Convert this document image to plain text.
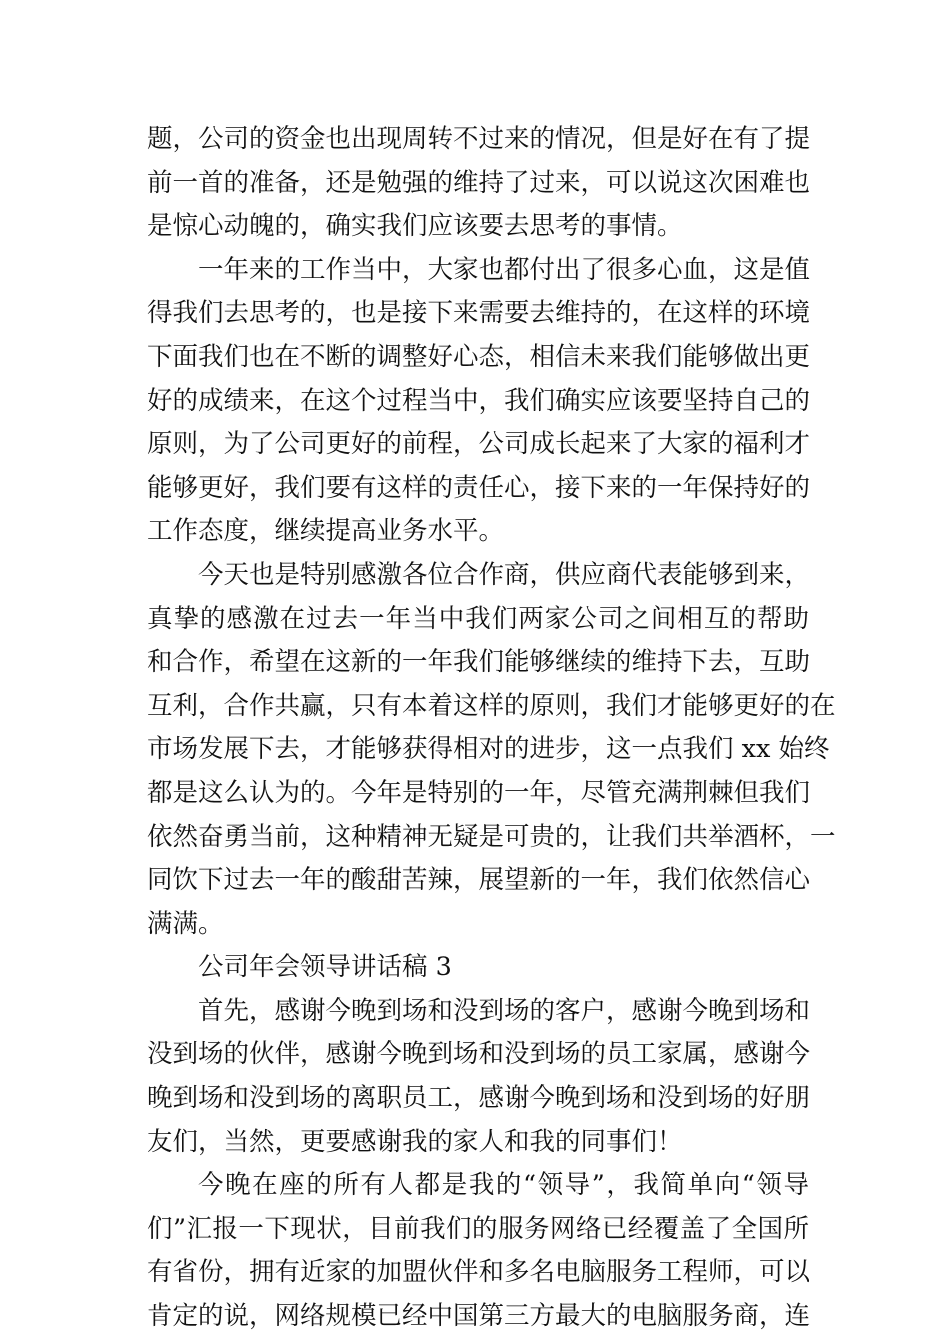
题，公司的资金也出现周转不过来的情况，但是好在有了提
前一首的准备，还是勉强的维持了过来，可以说这次困难也
是惊心动魄的，确实我们应该要去思考的事情。
一年来的工作当中，大家也都付出了很多心血，这是值
得我们去思考的，也是接下来需要去维持的，在这样的环境
下面我们也在不断的调整好心态，相信未来我们能够做出更
好的成绩来，在这个过程当中，我们确实应该要坚持自己的
原则，为了公司更好的前程，公司成长起来了大家的福利才
能够更好，我们要有这样的责任心，接下来的一年保持好的
工作态度，继续提高业务水平。
今天也是特别感激各位合作商，供应商代表能够到来，
真挚的感激在过去一年当中我们两家公司之间相互的帮助
和合作，希望在这新的一年我们能够继续的维持下去，互助
互利，合作共赢，只有本着这样的原则，我们才能够更好的在
市场发展下去，才能够获得相对的进步，这一点我们 xx 始终
都是这么认为的。今年是特别的一年，尽管充满荆棘但我们
依然奋勇当前，这种精神无疑是可贵的，让我们共举酒杯，一
同饮下过去一年的酸甜苦辣，展望新的一年，我们依然信心
满满。
公司年会领导讲话稿 3
首先，感谢今晚到场和没到场的客户，感谢今晚到场和
没到场的伙伴，感谢今晚到场和没到场的员工家属，感谢今
晚到场和没到场的离职员工，感谢今晚到场和没到场的好朋
友们，当然，更要感谢我的家人和我的同事们！
今晚在座的所有人都是我的“领导”，我简单向“领导
们”汇报一下现状，目前我们的服务网络已经覆盖了全国所
有省份，拥有近家的加盟伙伴和多名电脑服务工程师，可以
肯定的说，网络规模已经中国第三方最大的电脑服务商，连
